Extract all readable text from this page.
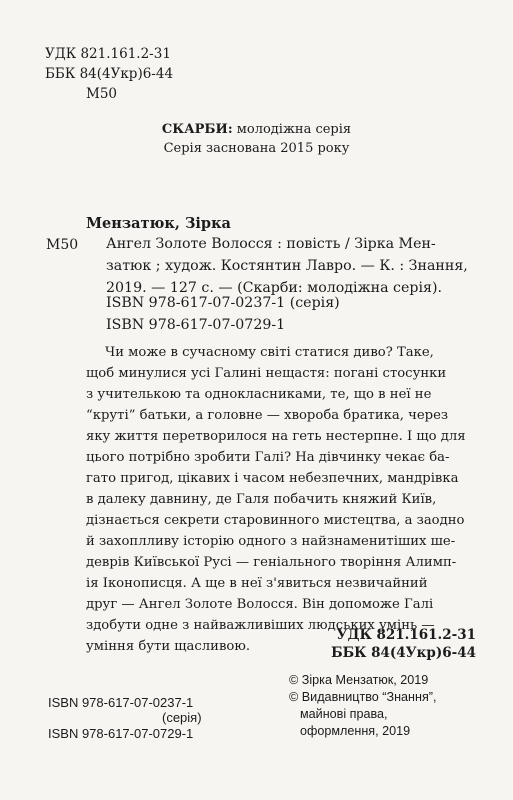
УДК 821.161.2-31
ББК 84(4Укр)6-44
М50
СКАРБИ: молодіжна серія
Серія заснована 2015 року
Мензатюк, Зірка
М50 Ангел Золоте Волосся : повість / Зірка Мен-
затюк ; худож. Костянтин Лавро. — К. : Знання,
2019. — 127 с. — (Скарби: молодіжна серія).
ISBN 978-617-07-0237-1 (серія)
ISBN 978-617-07-0729-1
Чи може в сучасному світі статися диво? Таке,
щоб минулися усі Галині нещастя: погані стосунки
з учителькою та однокласниками, те, що в неї не
“круті” батьки, а головне — хвороба братика, через
яку життя перетворилося на геть нестерпне. І що для
цього потрібно зробити Галі? На дівчинку чекає ба-
гато пригод, цікавих і часом небезпечних, мандрівка
в далеку давнину, де Галя побачить княжий Київ,
дізнається секрети старовинного мистецтва, а заодно
й захоплливу історію одного з найзнаменитіших ше-
деврів Київської Русі — геніального творіння Алимп-
ія Іконописця. А ще в неї з'явиться незвичайний
друг — Ангел Золоте Волосся. Він допоможе Галі
здобути одне з найважливіших людських умінь —
уміння бути щасливою.
УДК 821.161.2-31
ББК 84(4Укр)6-44
ISBN 978-617-07-0237-1
(серія)
ISBN 978-617-07-0729-1
© Зірка Мензатюк, 2019
© Видавництво “Знання”,
майнові права,
оформлення, 2019
